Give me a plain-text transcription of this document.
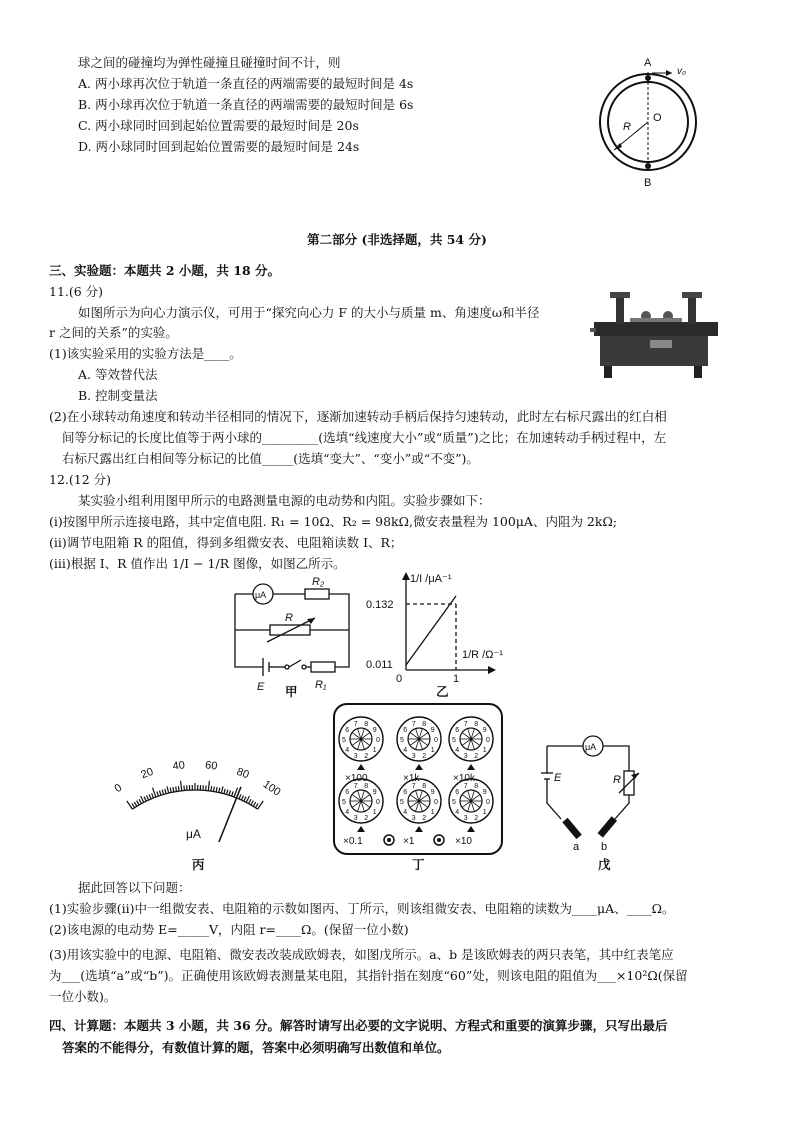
球之间的碰撞均为弹性碰撞且碰撞时间不计，则
A. 两小球再次位于轨道一条直径的两端需要的最短时间是 4s
B. 两小球再次位于轨道一条直径的两端需要的最短时间是 6s
C. 两小球同时回到起始位置需要的最短时间是 20s
D. 两小球同时回到起始位置需要的最短时间是 24s
A
B
O
R
v₀
第二部分 (非选择题，共 54 分)
三、实验题：本题共 2 小题，共 18 分。
11.(6 分)
如图所示为向心力演示仪，可用于“探究向心力 F 的大小与质量 m、角速度ω和半径
r 之间的关系”的实验。
(1)该实验采用的实验方法是____。
A. 等效替代法
B. 控制变量法
(2)在小球转动角速度和转动半径相同的情况下，逐渐加速转动手柄后保持匀速转动，此时左右标尺露出的红白相
间等分标记的长度比值等于两小球的_________(选填“线速度大小”或“质量”)之比；在加速转动手柄过程中，左
右标尺露出红白相间等分标记的比值_____(选填“变大”、“变小”或“不变”)。
12.(12 分)
某实验小组利用图甲所示的电路测量电源的电动势和内阻。实验步骤如下：
(i)按图甲所示连接电路，其中定值电阻. R₁ = 10Ω、R₂ = 98kΩ,微安表量程为 100μA、内阻为 2kΩ;
(ii)调节电阻箱 R 的阻值，得到多组微安表、电阻箱读数 I、R；
(iii)根据 I、R 值作出 1/I − 1/R 图像，如图乙所示。
μA
R₂
R
E	R₁
甲
1/I /μA⁻¹
0.132
0.011
0	1
1/R /Ω⁻¹
乙
0
20 40 60 80
100
μA
丙
0
1
2
3
4
5
6
7 8
9
0
1
2
3
4
5
6
7 8
9
0
1
2
3
4
5
6
7 8
9
0
1
2
3
4
5
6
7 8
9
0
1
2
3
4
5
6
7 8
9
0
1
2
3
4
5
6
7 8
9
×100	×1k	×10k
×0.1	×1	×10
丁
μA
E	R
a b
戊
据此回答以下问题：
(1)实验步骤(ii)中一组微安表、电阻箱的示数如图丙、丁所示，则该组微安表、电阻箱的读数为____μA、____Ω。
(2)该电源的电动势 E=_____V，内阻 r=____Ω。(保留一位小数)
(3)用该实验中的电源、电阻箱、微安表改装成欧姆表，如图戊所示。a、b 是该欧姆表的两只表笔，其中红表笔应
为___(选填“a”或“b”)。正确使用该欧姆表测量某电阻，其指针指在刻度“60”处，则该电阻的阻值为___×10²Ω(保留
一位小数)。
四、计算题：本题共 3 小题，共 36 分。解答时请写出必要的文字说明、方程式和重要的演算步骤，只写出最后
答案的不能得分，有数值计算的题，答案中必须明确写出数值和单位。
